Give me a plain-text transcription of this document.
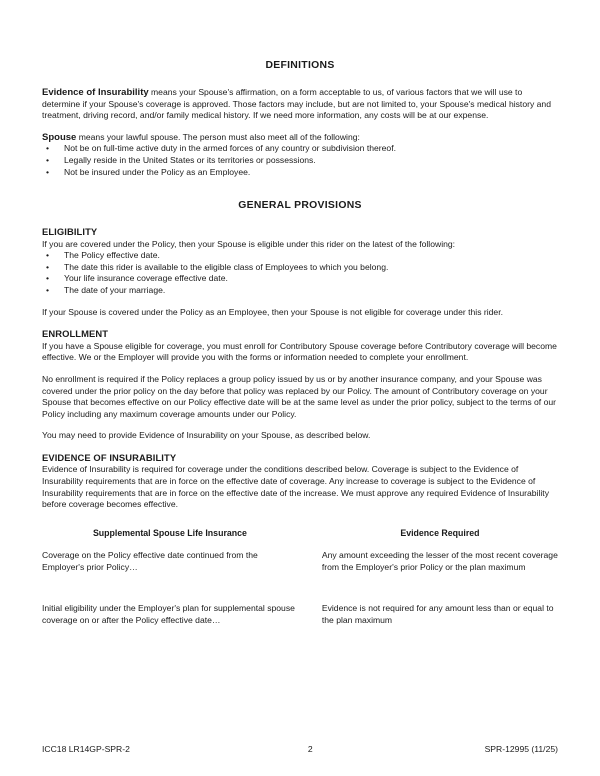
DEFINITIONS

Evidence of Insurability means your Spouse's affirmation, on a form acceptable to us, of various factors that we will use to determine if your Spouse's coverage is approved. Those factors may include, but are not limited to, your Spouse's medical history and treatment, driving record, and/or family medical history. If we need more information, any costs will be at our expense.

Spouse means your lawful spouse. The person must also meet all of the following:

• Not be on full-time active duty in the armed forces of any country or subdivision thereof.
• Legally reside in the United States or its territories or possessions.
• Not be insured under the Policy as an Employee.
GENERAL PROVISIONS
ELIGIBILITY

If you are covered under the Policy, then your Spouse is eligible under this rider on the latest of the following:

• The Policy effective date.
• The date this rider is available to the eligible class of Employees to which you belong.
• Your life insurance coverage effective date.
• The date of your marriage.

If your Spouse is covered under the Policy as an Employee, then your Spouse is not eligible for coverage under this rider.

ENROLLMENT

If you have a Spouse eligible for coverage, you must enroll for Contributory Spouse coverage before Contributory coverage will become effective. We or the Employer will provide you with the forms or information needed to complete your enrollment.

No enrollment is required if the Policy replaces a group policy issued by us or by another insurance company, and your Spouse was covered under the prior policy on the day before that policy was replaced by our Policy. The amount of Contributory coverage on your Spouse that becomes effective on our Policy effective date will be at the same level as under the prior policy, subject to the terms of our Policy including any maximum coverage amounts under our Policy.

You may need to provide Evidence of Insurability on your Spouse, as described below.

EVIDENCE OF INSURABILITY

Evidence of Insurability is required for coverage under the conditions described below. Coverage is subject to the Evidence of Insurability requirements that are in force on the effective date of coverage. Any increase to coverage is subject to the Evidence of Insurability requirements that are in force on the effective date of the increase. We must approve any required Evidence of Insurability before coverage becomes effective.

Supplemental Spouse Life Insurance	Evidence Required
Coverage on the Policy effective date continued from the Employer's prior Policy…	Any amount exceeding the lesser of the most recent coverage from the Employer's prior Policy or the plan maximum
Initial eligibility under the Employer's plan for supplemental spouse coverage on or after the Policy effective date…	Evidence is not required for any amount less than or equal to the plan maximum
ICC18 LR14GP-SPR-2	2	SPR-12995 (11/25)
